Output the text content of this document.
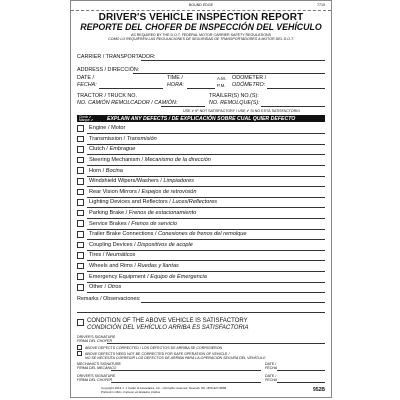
BOUND EDGE	7715
DRIVER'S VEHICLE INSPECTION REPORT
REPORTE DEL CHOFER DE INSPECCIÓN DEL VEHÍCULO
AS REQUIRED BY THE D.O.T. FEDERAL MOTOR CARRIER SAFETY REGULATIONS
COMO LO REQUIEREN LAS REGULACIONES DE SEGURIDAD DE TRANSPORTADORES A MOTOR DEL D.O.T.
CARRIER / TRANSPORTADOR:
ADDRESS / DIRECCIÓN:
DATE /
FECHA:
TIME /
HORA:
A.M.
P.M.
ODOMETER /
ODÓMETRO:
TRACTOR / TRUCK NO.
NO. CAMIÓN REMOLCADOR / CAMIÓN:
TRAILER(S) NO.(S):
NO. REMOLQUE(S):
USE ✔ IF NOT SATISFACTORY / USE ✔ SI NO ESTÁ SATISFACTORIO
Check ✔ Marque ✔	EXPLAIN ANY DEFECTS / DE EXPLICACIÓN SOBRE CUAL QUIER DEFECTO
Engine / Motor
Transmission / Transmisión
Clutch / Embrague
Steering Mechanism / Mecanismo de la dirección
Horn / Bocina
Windshield Wipers/Washers / Limpiadores
Rear Vision Mirrors / Espejos de retrovisión
Lighting Devices and Reflectors / Luces/Reflectores
Parking Brake / Frenos de estacionamiento
Service Brakes / Frenos de servicio
Trailer Brake Connections / Conexiones de frenos del remolque
Coupling Devices / Dispositivos de acople
Tires / Neumáticos
Wheels and Rims / Ruedas y llantas
Emergency Equipment / Equipo de Emergencia
Other / Otros
Remarks / Observaciones:
CONDITION OF THE ABOVE VEHICLE IS SATISFACTORY
CONDICIÓN DEL VEHÍCULO ARRIBA ES SATISFACTORIA
DRIVER'S SIGNATURE
FIRMA DEL CHOFER
ABOVE DEFECTS CORRECTED / LOS DEFECTOS DE ARRIBA SE CORRIGIERON
ABOVE DEFECTS NEED NOT BE CORRECTED FOR SAFE OPERATION OF VEHICLE /
NO SE NECESITA CORREGIR LOS DEFECTOS DE ARRIBA PARA LA OPERACIÓN SEGURA DEL VEHÍCULO
MECHANIC'S SIGNATURE
FIRMA DEL MECÁNICO
DATE /
FECHA
DRIVER'S SIGNATURE
FIRMA DEL CHOFER
DATE /
FECHA
Copyright 2013 J. J. Keller & Associates, Inc. • All rights reserved. Neenah, WI • 800-327-6868
Printed in USA • Impreso en Estados Unidos	952B
